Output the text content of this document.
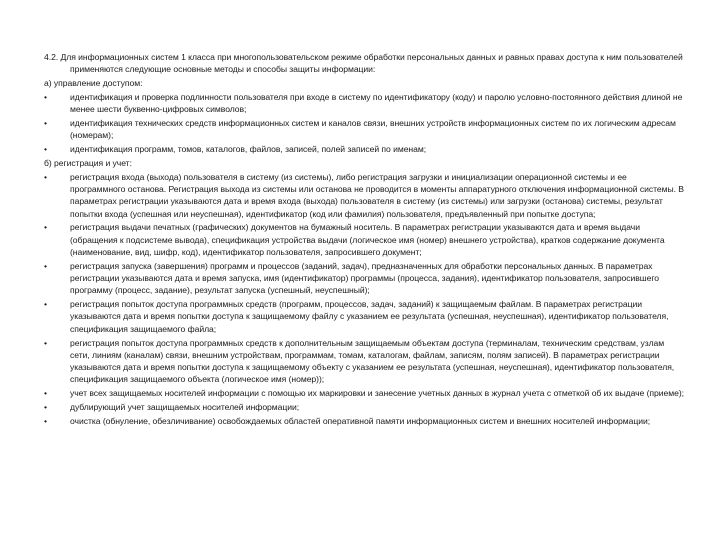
4.2. Для информационных систем 1 класса при многопользовательском режиме обработки персональных данных и равных правах доступа к ним пользователей применяются следующие основные методы и способы защиты информации:

а) управление доступом:

•	идентификация и проверка подлинности пользователя при входе в систему по идентификатору (коду) и паролю условно-постоянного действия длиной не менее шести буквенно-цифровых символов;
•	идентификация технических средств информационных систем и каналов связи, внешних устройств информационных систем по их логическим адресам (номерам);
•	идентификация программ, томов, каталогов, файлов, записей, полей записей по именам;

б) регистрация и учет:

•	регистрация входа (выхода) пользователя в систему (из системы), либо регистрация загрузки и инициализации операционной системы и ее программного останова. Регистрация выхода из системы или останова не проводится в моменты аппаратурного отключения информационной системы. В параметрах регистрации указываются дата и время входа (выхода) пользователя в систему (из системы) или загрузки (останова) системы, результат попытки входа (успешная или неуспешная), идентификатор (код или фамилия) пользователя, предъявленный при попытке доступа;
•	регистрация выдачи печатных (графических) документов на бумажный носитель. В параметрах регистрации указываются дата и время выдачи (обращения к подсистеме вывода), спецификация устройства выдачи (логическое имя (номер) внешнего устройства), кратков содержание документа (наименование, вид, шифр, код), идентификатор пользователя, запросившего документ;
•	регистрация запуска (завершения) программ и процессов (заданий, задач), предназначенных для обработки персональных данных. В параметрах регистрации указываются дата и время запуска, имя (идентификатор) программы (процесса, задания), идентификатор пользователя, запросившего программу (процесс, задание), результат запуска (успешный, неуспешный);
•	регистрация попыток доступа программных средств (программ, процессов, задач, заданий) к защищаемым файлам. В параметрах регистрации указываются дата и время попытки доступа к защищаемому файлу с указанием ее результата (успешная, неуспешная), идентификатор пользователя, спецификация защищаемого файла;
•	регистрация попыток доступа программных средств к дополнительным защищаемым объектам доступа (терминалам, техническим средствам, узлам сети, линиям (каналам) связи, внешним устройствам, программам, томам, каталогам, файлам, записям, полям записей). В параметрах регистрации указываются дата и время попытки доступа к защищаемому объекту с указанием ее результата (успешная, неуспешная), идентификатор пользователя, спецификация защищаемого объекта (логическое имя (номер));
•	учет всех защищаемых носителей информации с помощью их маркировки и занесение учетных данных в журнал учета с отметкой об их выдаче (приеме);
•	дублирующий учет защищаемых носителей информации;
•	очистка (обнуление, обезличивание) освобождаемых областей оперативной памяти информационных систем и внешних носителей информации;
